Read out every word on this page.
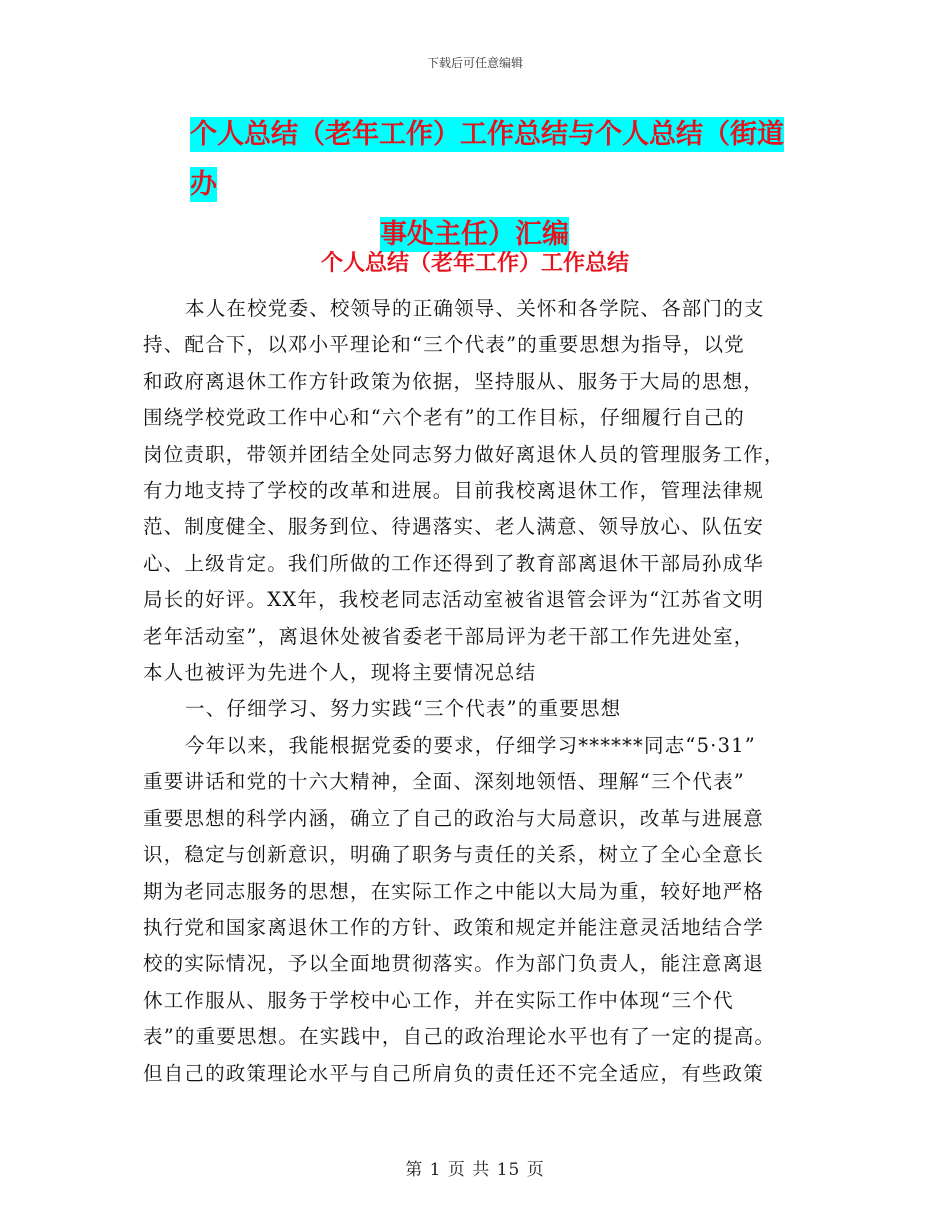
下载后可任意编辑
个人总结（老年工作）工作总结与个人总结（街道办
事处主任）汇编
个人总结（老年工作）工作总结
本人在校党委、校领导的正确领导、关怀和各学院、各部门的支
持、配合下，以邓小平理论和“三个代表”的重要思想为指导，以党
和政府离退休工作方针政策为依据，坚持服从、服务于大局的思想，
围绕学校党政工作中心和“六个老有”的工作目标，仔细履行自己的
岗位责职，带领并团结全处同志努力做好离退休人员的管理服务工作，
有力地支持了学校的改革和进展。目前我校离退休工作，管理法律规
范、制度健全、服务到位、待遇落实、老人满意、领导放心、队伍安
心、上级肯定。我们所做的工作还得到了教育部离退休干部局孙成华
局长的好评。XX年，我校老同志活动室被省退管会评为“江苏省文明
老年活动室”，离退休处被省委老干部局评为老干部工作先进处室，
本人也被评为先进个人，现将主要情况总结
一、仔细学习、努力实践“三个代表”的重要思想
今年以来，我能根据党委的要求，仔细学习******同志“5·31”
重要讲话和党的十六大精神，全面、深刻地领悟、理解“三个代表”
重要思想的科学内涵，确立了自己的政治与大局意识，改革与进展意
识，稳定与创新意识，明确了职务与责任的关系，树立了全心全意长
期为老同志服务的思想，在实际工作之中能以大局为重，较好地严格
执行党和国家离退休工作的方针、政策和规定并能注意灵活地结合学
校的实际情况，予以全面地贯彻落实。作为部门负责人，能注意离退
休工作服从、服务于学校中心工作，并在实际工作中体现“三个代
表”的重要思想。在实践中，自己的政治理论水平也有了一定的提高。
但自己的政策理论水平与自己所肩负的责任还不完全适应，有些政策
第 1 页 共 15 页
